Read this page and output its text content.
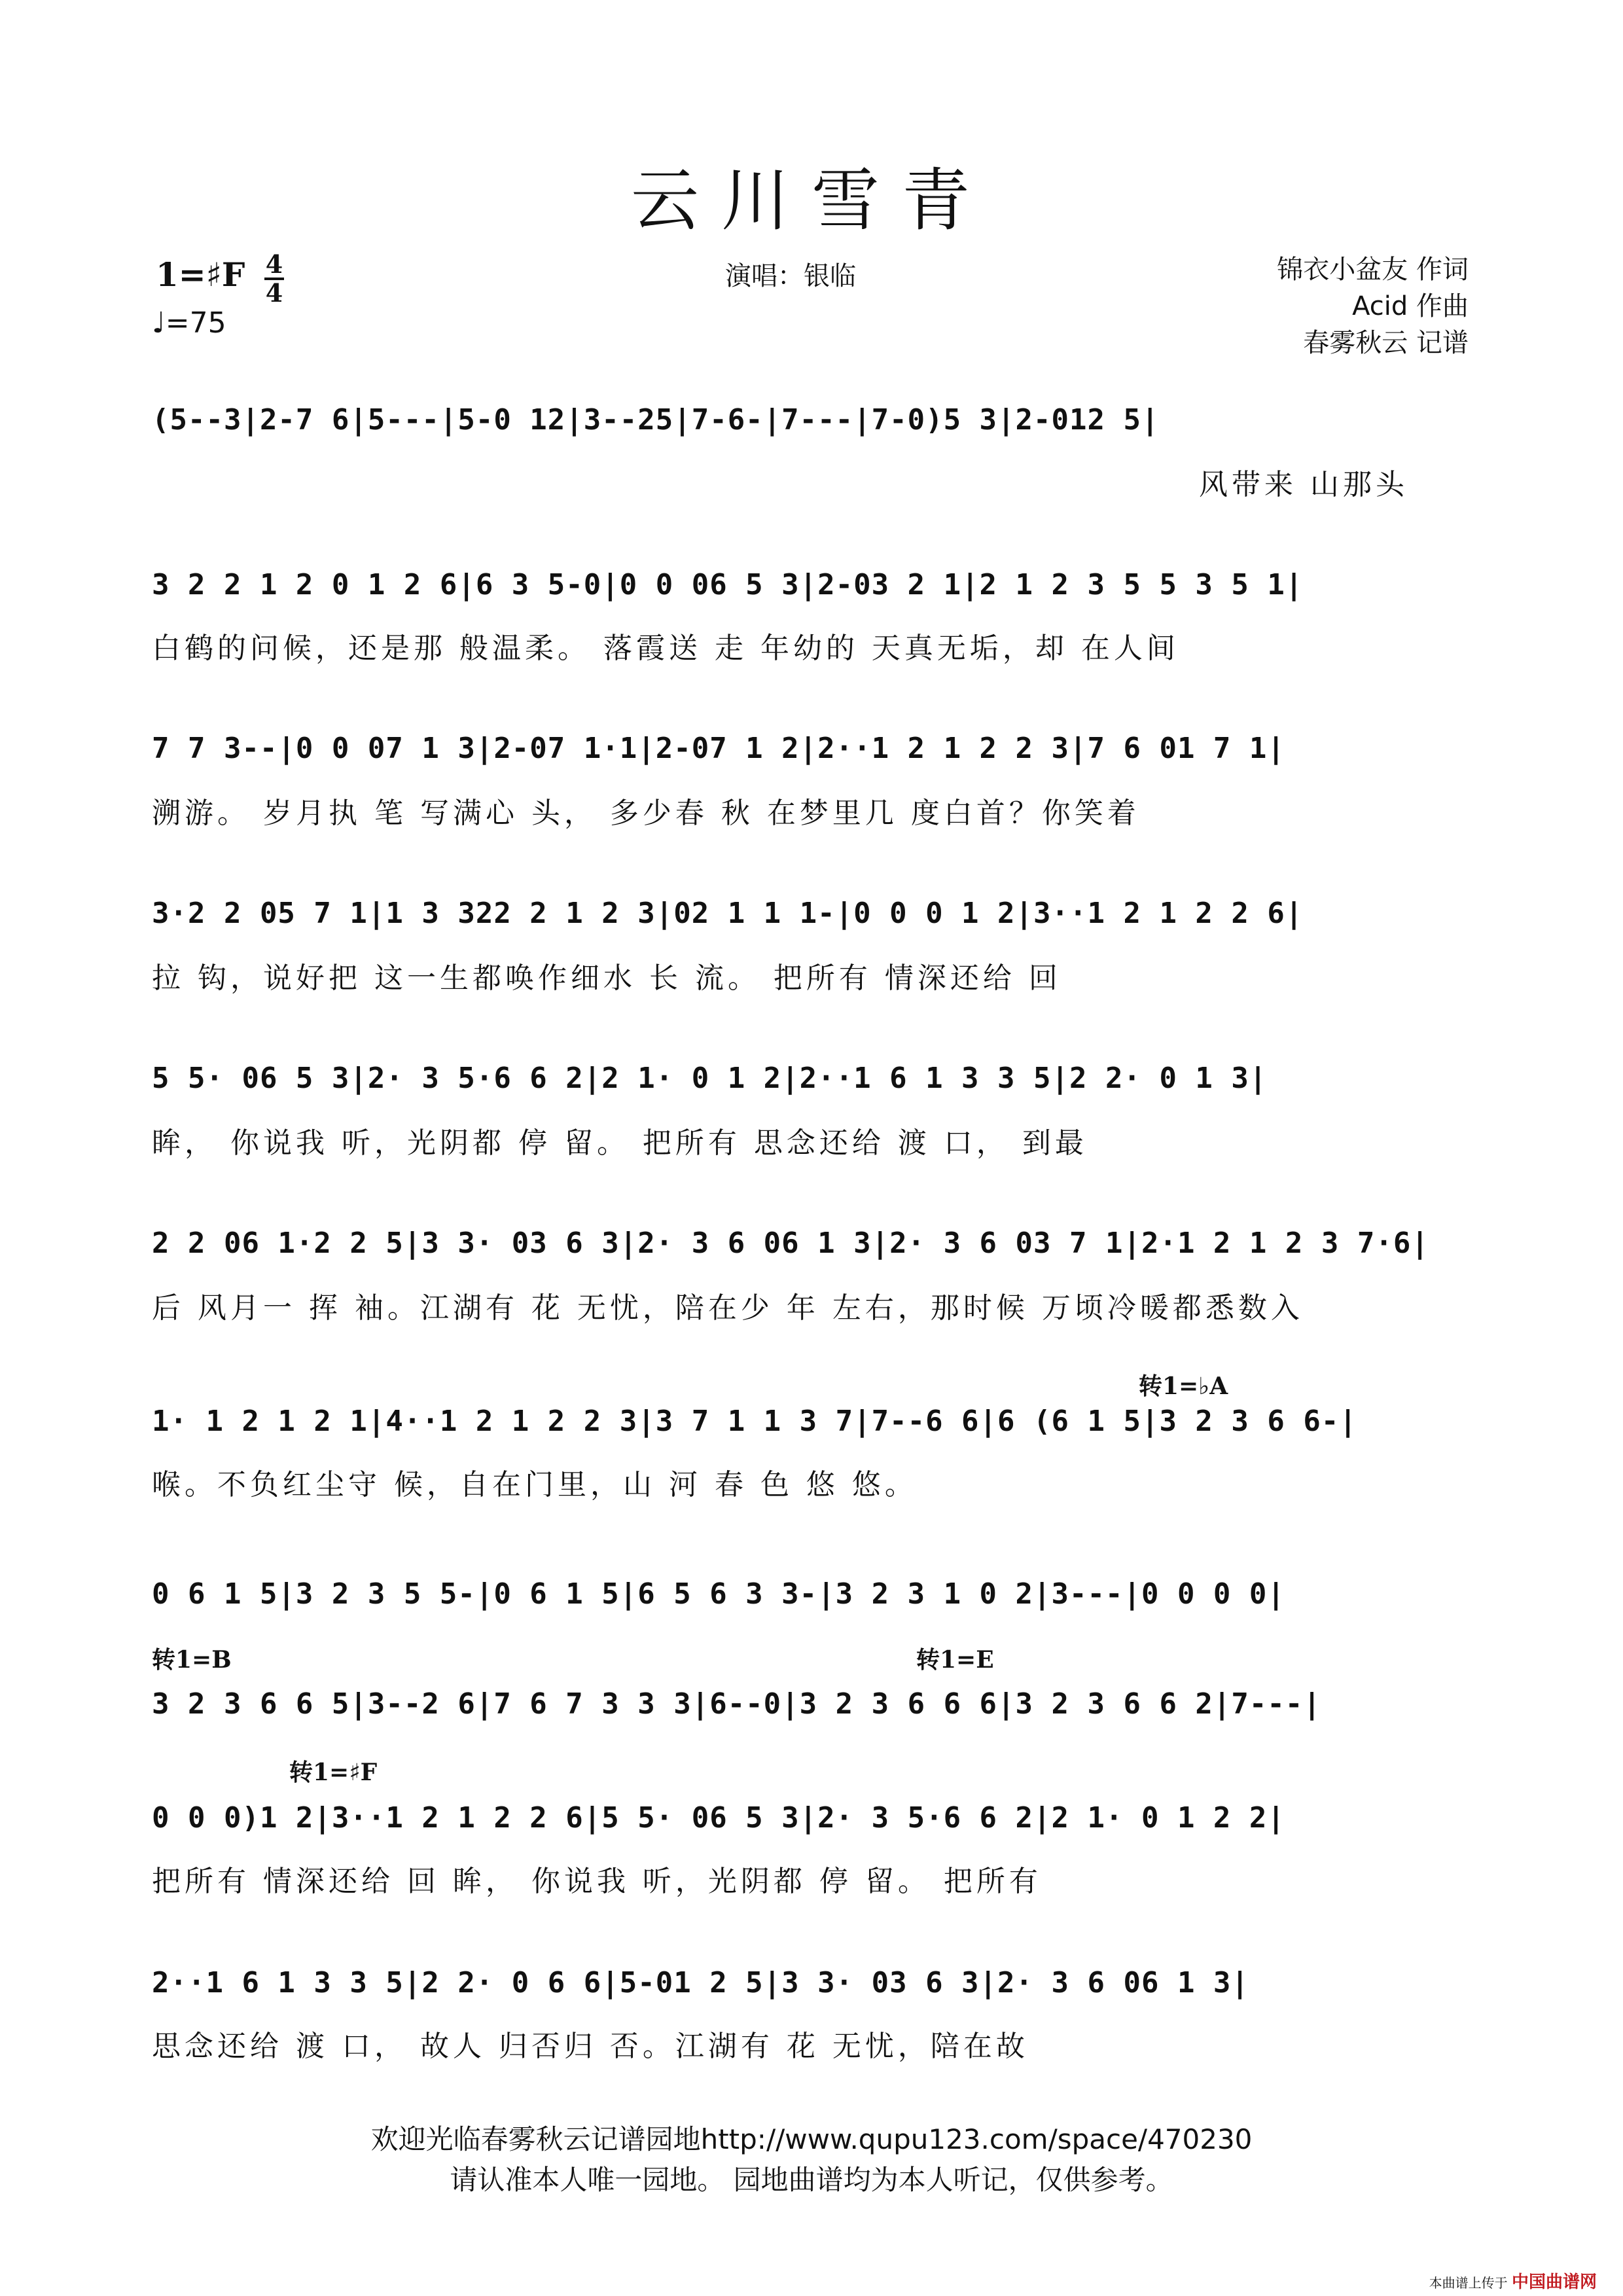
云川雪青
1=♯F 4
4
♩=75
演唱：银临	锦衣小盆友 作词
Acid 作曲
春雾秋云 记谱
(5--3|2-7 6|5---|5-0 12|3--25|7-6-|7---|7-0)5 3|2-012 5|
风带来 山那头
3 2 2 1 2 0 1 2 6|6 3 5-0|0 0 06 5 3|2-03 2 1|2 1 2 3 5 5 3 5 1|
白鹤的问候，还是那 般温柔。 落霞送 走 年幼的 天真无垢，却 在人间
7 7 3--|0 0 07 1 3|2-07 1·1|2-07 1 2|2··1 2 1 2 2 3|7 6 01 7 1|
溯游。 岁月执 笔 写满心 头， 多少春 秋 在梦里几 度白首？你笑着
3·2 2 05 7 1|1 3 322 2 1 2 3|02 1 1 1-|0 0 0 1 2|3··1 2 1 2 2 6|
拉 钩，说好把 这一生都唤作细水 长 流。 把所有 情深还给 回
5 5· 06 5 3|2· 3 5·6 6 2|2 1· 0 1 2|2··1 6 1 3 3 5|2 2· 0 1 3|
眸， 你说我 听，光阴都 停 留。 把所有 思念还给 渡 口， 到最
2 2 06 1·2 2 5|3 3· 03 6 3|2· 3 6 06 1 3|2· 3 6 03 7 1|2·1 2 1 2 3 7·6|
后 风月一 挥 袖。江湖有 花 无忧，陪在少 年 左右，那时候 万顷冷暖都悉数入
转1=♭A
1· 1 2 1 2 1|4··1 2 1 2 2 3|3 7 1 1 3 7|7--6 6|6 (6 1 5|3 2 3 6 6-|
喉。不负红尘守 候，自在门里，山 河 春 色 悠 悠。
0 6 1 5|3 2 3 5 5-|0 6 1 5|6 5 6 3 3-|3 2 3 1 0 2|3---|0 0 0 0|
转1=B	转1=E
3 2 3 6 6 5|3--2 6|7 6 7 3 3 3|6--0|3 2 3 6 6 6|3 2 3 6 6 2|7---|
转1=♯F
0 0 0)1 2|3··1 2 1 2 2 6|5 5· 06 5 3|2· 3 5·6 6 2|2 1· 0 1 2 2|
把所有 情深还给 回 眸， 你说我 听，光阴都 停 留。 把所有
2··1 6 1 3 3 5|2 2· 0 6 6|5-01 2 5|3 3· 03 6 3|2· 3 6 06 1 3|
思念还给 渡 口， 故人 归否归 否。江湖有 花 无忧，陪在故
欢迎光临春雾秋云记谱园地http://www.qupu123.com/space/470230
请认准本人唯一园地。 园地曲谱均为本人听记，仅供参考。
本曲谱上传于 中国曲谱网
